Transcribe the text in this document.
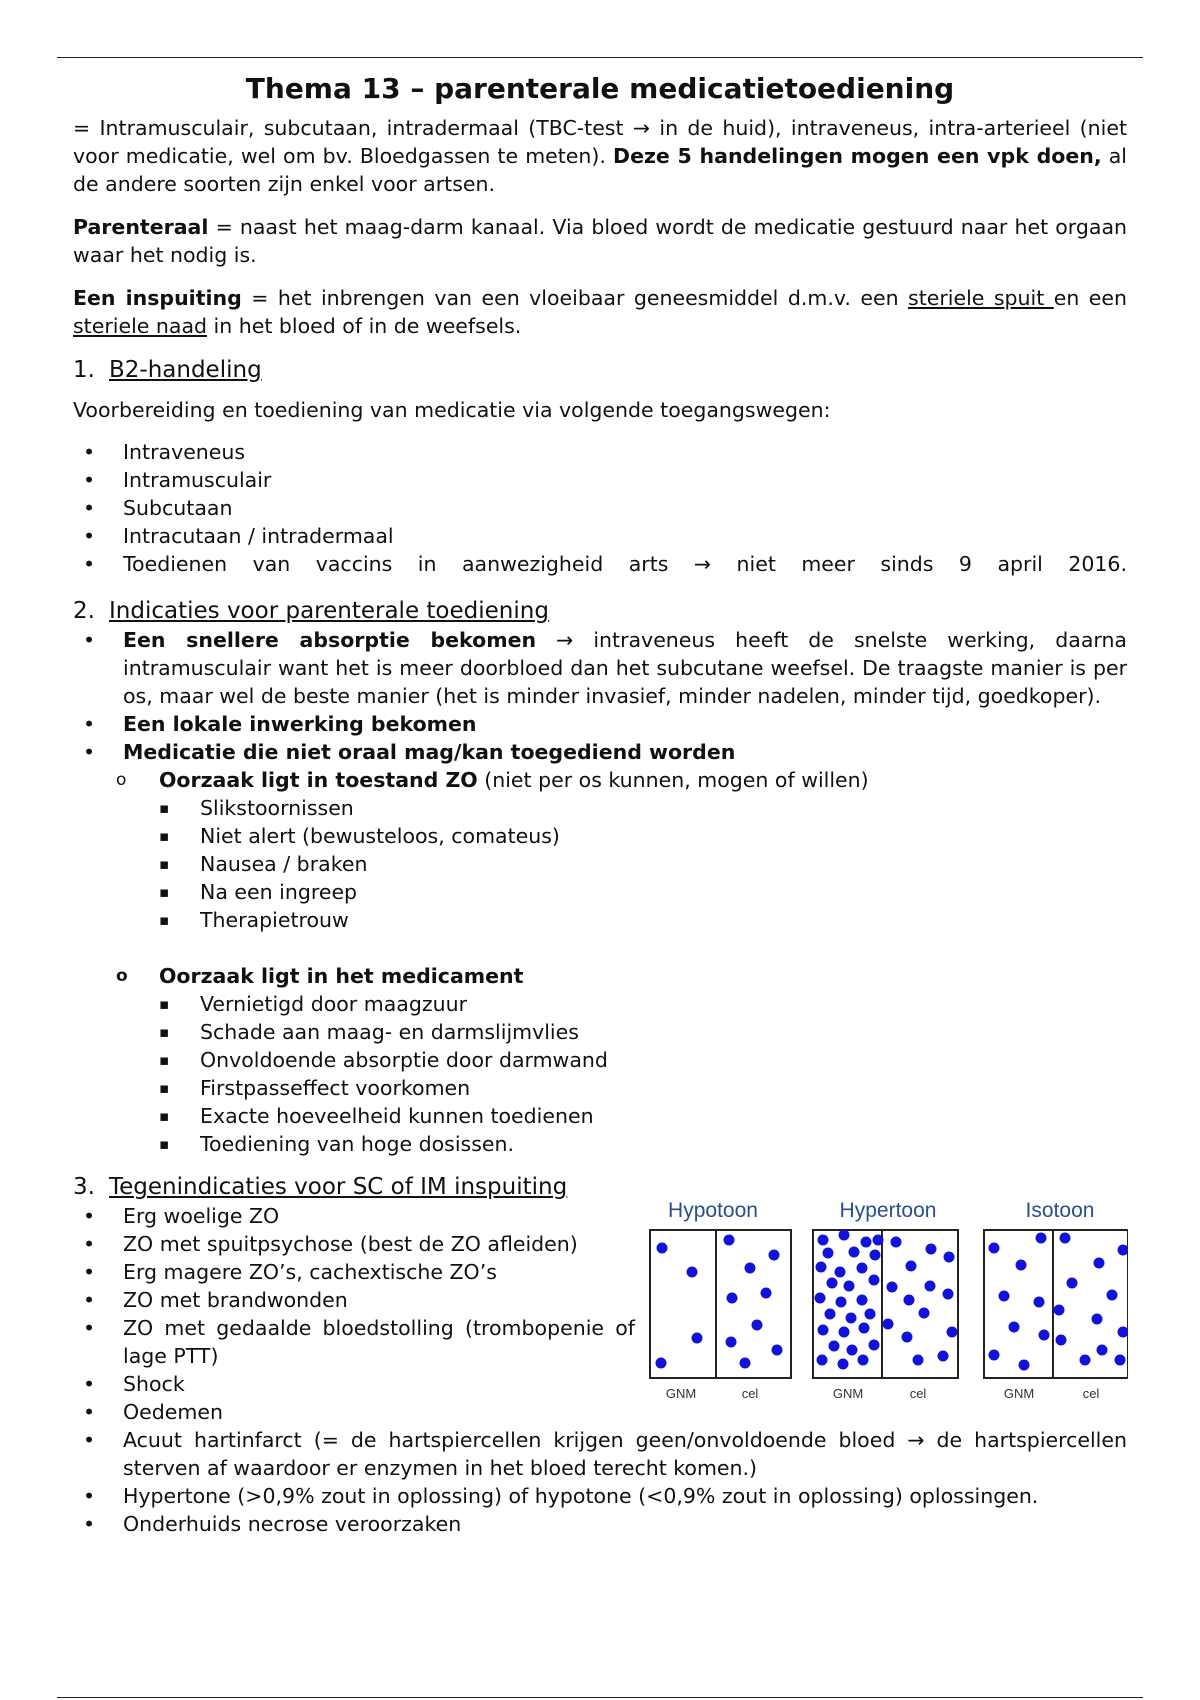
Thema 13 – parenterale medicatietoediening

= Intramusculair, subcutaan, intradermaal (TBC-test → in de huid), intraveneus, intra-arterieel (niet voor medicatie, wel om bv. Bloedgassen te meten). Deze 5 handelingen mogen een vpk doen, al de andere soorten zijn enkel voor artsen.

Parenteraal = naast het maag-darm kanaal. Via bloed wordt de medicatie gestuurd naar het orgaan waar het nodig is.

Een inspuiting = het inbrengen van een vloeibaar geneesmiddel d.m.v. een steriele spuit en een steriele naad in het bloed of in de weefsels.

1. B2-handeling

Voorbereiding en toediening van medicatie via volgende toegangswegen:

• Intraveneus
• Intramusculair
• Subcutaan
• Intracutaan / intradermaal
• Toedienen van vaccins in aanwezigheid arts → niet meer sinds 9 april 2016.
2. Indicaties voor parenterale toediening
• Een snellere absorptie bekomen → intraveneus heeft de snelste werking, daarna intramusculair want het is meer doorbloed dan het subcutane weefsel. De traagste manier is per os, maar wel de beste manier (het is minder invasief, minder nadelen, minder tijd, goedkoper).
• Een lokale inwerking bekomen
• Medicatie die niet oraal mag/kan toegediend worden
o Oorzaak ligt in toestand ZO (niet per os kunnen, mogen of willen)
▪ Slikstoornissen
▪ Niet alert (bewusteloos, comateus)
▪ Nausea / braken
▪ Na een ingreep
▪ Therapietrouw
o Oorzaak ligt in het medicament
▪ Vernietigd door maagzuur
▪ Schade aan maag- en darmslijmvlies
▪ Onvoldoende absorptie door darmwand
▪ Firstpasseffect voorkomen
▪ Exacte hoeveelheid kunnen toedienen
▪ Toediening van hoge dosissen.
3. Tegenindicaties voor SC of IM inspuiting
• Erg woelige ZO
• ZO met spuitpsychose (best de ZO afleiden)
• Erg magere ZO’s, cachextische ZO’s
• ZO met brandwonden
• ZO met gedaalde bloedstolling (trombopenie of lage PTT)
• Shock
• Oedemen
• Acuut hartinfarct (= de hartspiercellen krijgen geen/onvoldoende bloed → de hartspiercellen sterven af waardoor er enzymen in het bloed terecht komen.)
• Hypertone (>0,9% zout in oplossing) of hypotone (<0,9% zout in oplossing) oplossingen.
• Onderhuids necrose veroorzaken
Hypotoon
GNM	cel
Hypertoon
GNM	cel
Isotoon
GNM	cel
